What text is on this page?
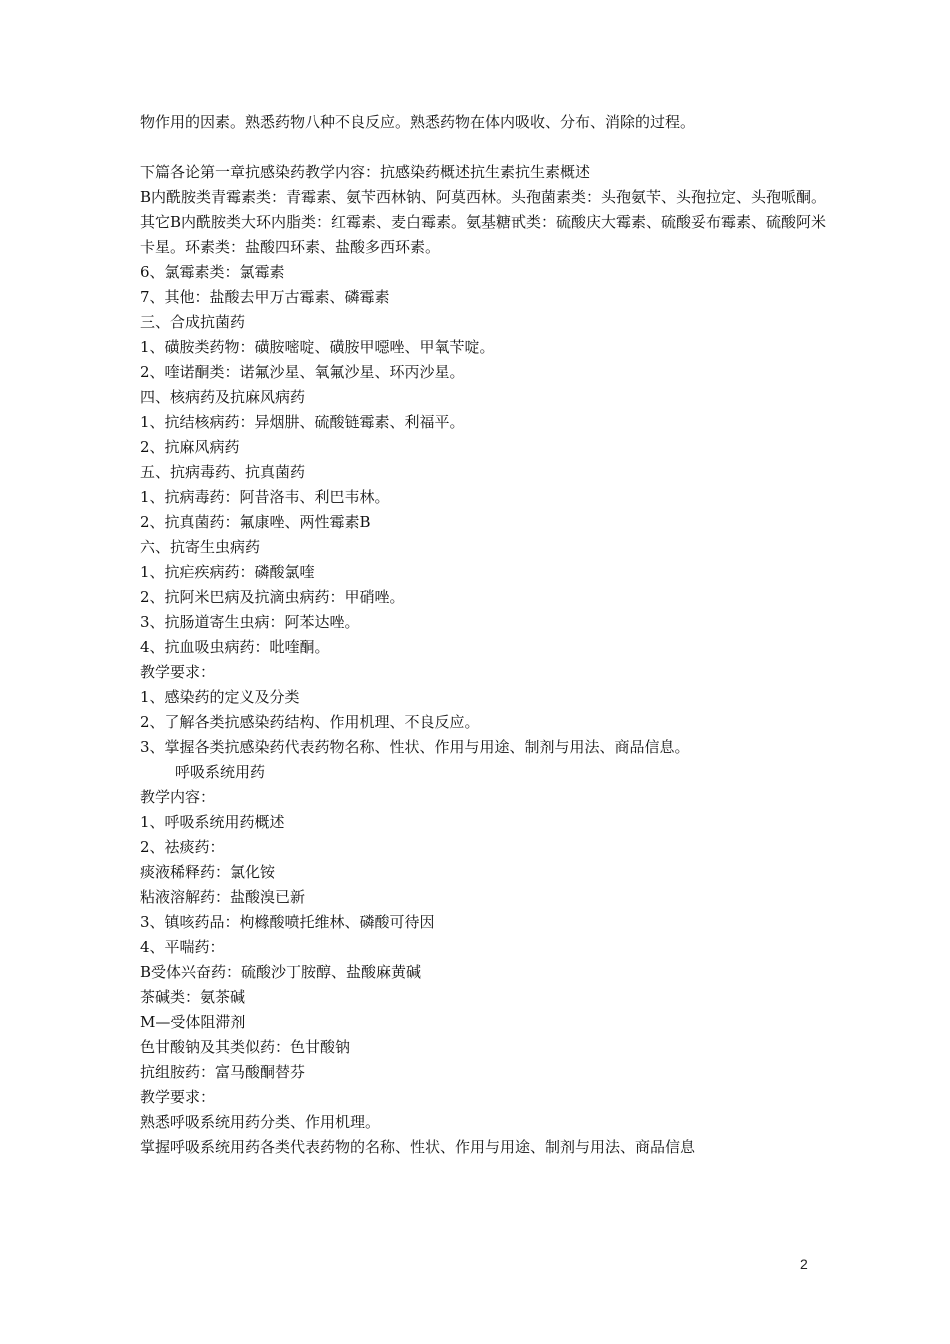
物作用的因素。熟悉药物八种不良反应。熟悉药物在体内吸收、分布、消除的过程。
下篇各论第一章抗感染药教学内容：抗感染药概述抗生素抗生素概述
B内酰胺类青霉素类：青霉素、氨苄西林钠、阿莫西林。头孢菌素类：头孢氨苄、头孢拉定、头孢哌酮。
其它B内酰胺类大环内脂类：红霉素、麦白霉素。氨基糖甙类：硫酸庆大霉素、硫酸妥布霉素、硫酸阿米卡星。环素类：盐酸四环素、盐酸多西环素。
6、氯霉素类：氯霉素
7、其他：盐酸去甲万古霉素、磷霉素
三、合成抗菌药
1、磺胺类药物：磺胺嘧啶、磺胺甲噁唑、甲氧苄啶。
2、喹诺酮类：诺氟沙星、氧氟沙星、环丙沙星。
四、核病药及抗麻风病药
1、抗结核病药：异烟肼、硫酸链霉素、利福平。
2、抗麻风病药
五、抗病毒药、抗真菌药
1、抗病毒药：阿昔洛韦、利巴韦林。
2、抗真菌药：氟康唑、两性霉素B
六、抗寄生虫病药
1、抗疟疾病药：磷酸氯喹
2、抗阿米巴病及抗滴虫病药：甲硝唑。
3、抗肠道寄生虫病：阿苯达唑。
4、抗血吸虫病药：吡喹酮。
教学要求：
1、感染药的定义及分类
2、了解各类抗感染药结构、作用机理、不良反应。
3、掌握各类抗感染药代表药物名称、性状、作用与用途、制剂与用法、商品信息。
呼吸系统用药
教学内容：
1、呼吸系统用药概述
2、祛痰药：
痰液稀释药：氯化铵
粘液溶解药：盐酸溴已新
3、镇咳药品：枸橼酸喷托维林、磷酸可待因
4、平喘药：
B受体兴奋药：硫酸沙丁胺醇、盐酸麻黄碱
茶碱类：氨茶碱
M—受体阻滞剂
色甘酸钠及其类似药：色甘酸钠
抗组胺药：富马酸酮替芬
教学要求：
熟悉呼吸系统用药分类、作用机理。
掌握呼吸系统用药各类代表药物的名称、性状、作用与用途、制剂与用法、商品信息
2
